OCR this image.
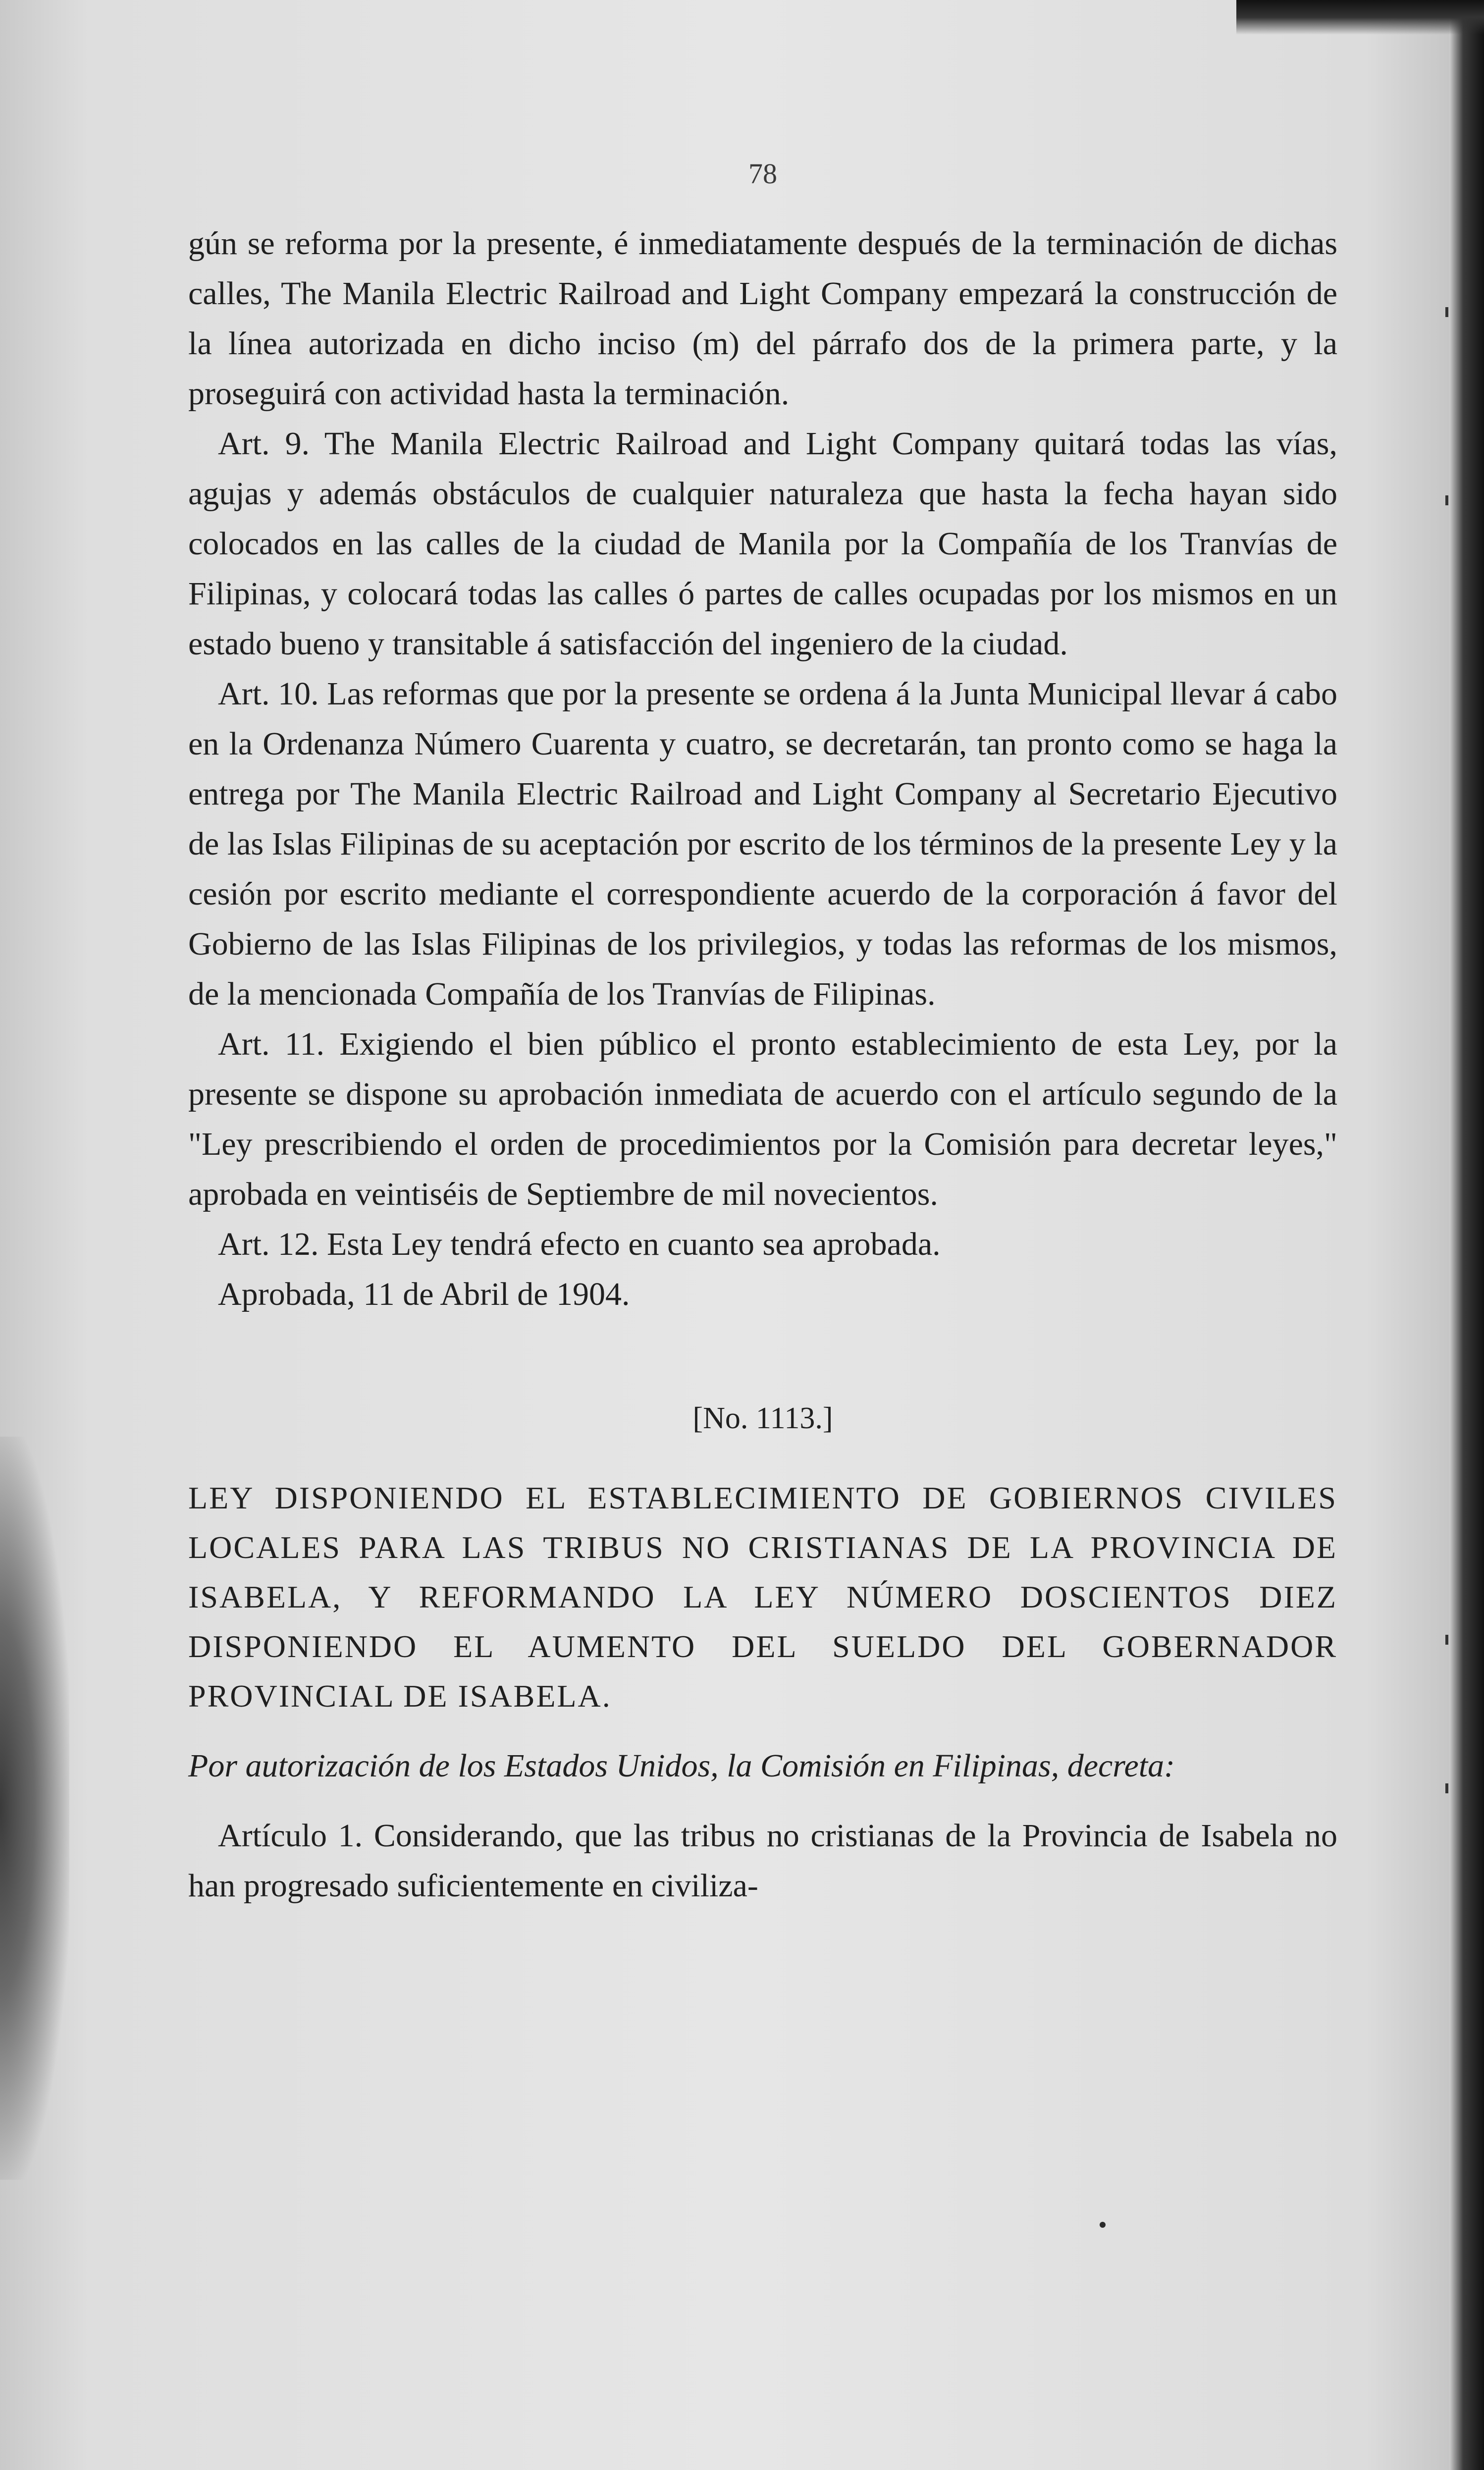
78

gún se reforma por la presente, é inmediatamente después de la terminación de dichas calles, The Manila Electric Railroad and Light Company empezará la construcción de la línea autorizada en dicho inciso (m) del párrafo dos de la primera parte, y la proseguirá con actividad hasta la terminación.

Art. 9. The Manila Electric Railroad and Light Company quitará todas las vías, agujas y además obstáculos de cualquier naturaleza que hasta la fecha hayan sido colocados en las calles de la ciudad de Manila por la Compañía de los Tranvías de Filipinas, y colocará todas las calles ó partes de calles ocupadas por los mismos en un estado bueno y transitable á satisfacción del ingeniero de la ciudad.

Art. 10. Las reformas que por la presente se ordena á la Junta Municipal llevar á cabo en la Ordenanza Número Cuarenta y cuatro, se decretarán, tan pronto como se haga la entrega por The Manila Electric Railroad and Light Company al Secretario Ejecutivo de las Islas Filipinas de su aceptación por escrito de los términos de la presente Ley y la cesión por escrito mediante el correspondiente acuerdo de la corporación á favor del Gobierno de las Islas Filipinas de los privilegios, y todas las reformas de los mismos, de la mencionada Compañía de los Tranvías de Filipinas.

Art. 11. Exigiendo el bien público el pronto establecimiento de esta Ley, por la presente se dispone su aprobación inmediata de acuerdo con el artículo segundo de la "Ley prescribiendo el orden de procedimientos por la Comisión para decretar leyes," aprobada en veintiséis de Septiembre de mil novecientos.

Art. 12. Esta Ley tendrá efecto en cuanto sea aprobada.

Aprobada, 11 de Abril de 1904.

[No. 1113.]

LEY DISPONIENDO EL ESTABLECIMIENTO DE GOBIERNOS CIVILES LOCALES PARA LAS TRIBUS NO CRISTIANAS DE LA PROVINCIA DE ISABELA, Y REFORMANDO LA LEY NÚMERO DOSCIENTOS DIEZ DISPONIENDO EL AUMENTO DEL SUELDO DEL GOBERNADOR PROVINCIAL DE ISABELA.

Por autorización de los Estados Unidos, la Comisión en Filipinas, decreta:

Artículo 1. Considerando, que las tribus no cristianas de la Provincia de Isabela no han progresado suficientemente en civiliza-
